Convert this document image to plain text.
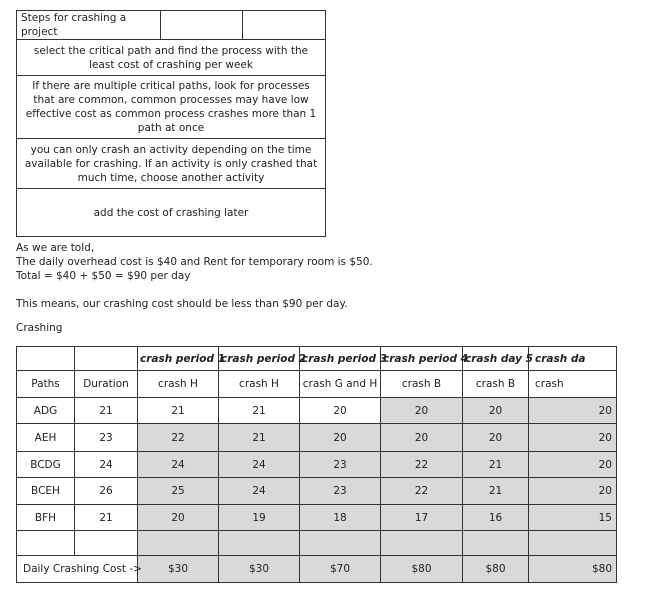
Steps for crashing a project		
select the critical path and find the process with the least cost of crashing per week
If there are multiple critical paths, look for processes that are common, common processes may have low effective cost as common process crashes more than 1 path at once
you can only crash an activity depending on the time available for crashing. If an activity is only crashed that much time, choose another activity
add the cost of crashing later
As we are told,
The daily overhead cost is $40 and Rent for temporary room is $50.
Total = $40 + $50 = $90 per day
This means, our crashing cost should be less than $90 per day.
Crashing
		crash period 1	crash period 2	crash period 3	crash period 4	crash day 5	crash da
Paths	Duration	crash H	crash H	crash G and H	crash B	crash B	crash
ADG	21	21	21	20	20	20	20
AEH	23	22	21	20	20	20	20
BCDG	24	24	24	23	22	21	20
BCEH	26	25	24	23	22	21	20
BFH	21	20	19	18	17	16	15

Daily Crashing Cost ->		$30	$30	$70	$80	$80	$80
